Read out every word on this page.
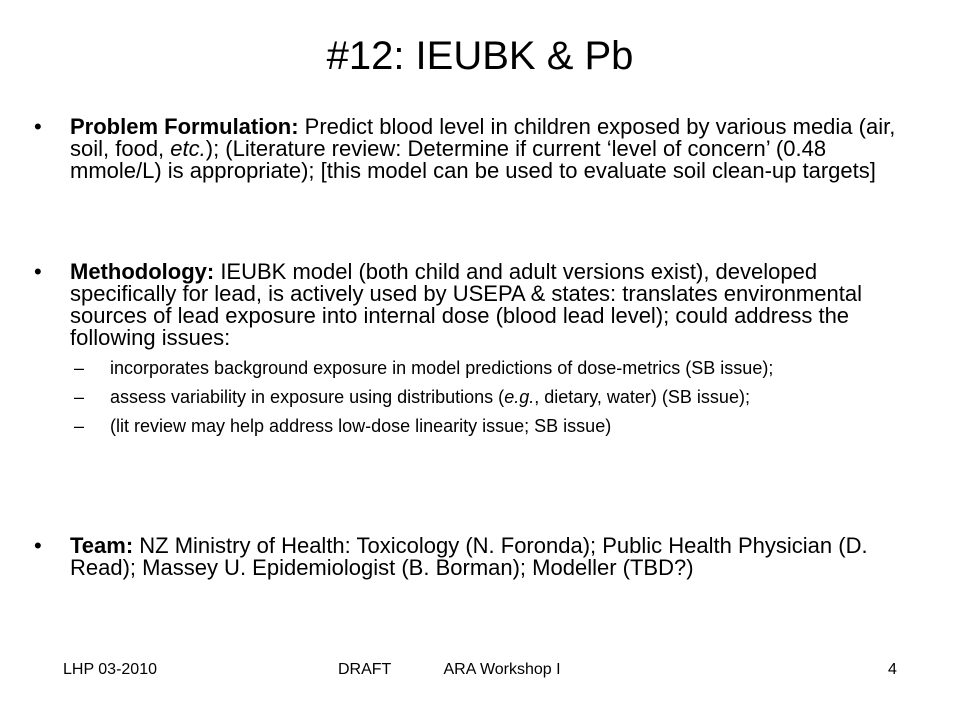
#12: IEUBK & Pb
• Problem Formulation: Predict blood level in children exposed by various media (air, soil, food, etc.); (Literature review: Determine if current ‘level of concern’ (0.48 mmole/L) is appropriate); [this model can be used to evaluate soil clean-up targets]
• Methodology: IEUBK model (both child and adult versions exist), developed specifically for lead, is actively used by USEPA & states: translates environmental sources of lead exposure into internal dose (blood lead level); could address the following issues:
– incorporates background exposure in model predictions of dose-metrics (SB issue);
– assess variability in exposure using distributions (e.g., dietary, water) (SB issue);
– (lit review may help address low-dose linearity issue; SB issue)
• Team: NZ Ministry of Health: Toxicology (N. Foronda); Public Health Physician (D. Read); Massey U. Epidemiologist (B. Borman); Modeller (TBD?)
LHP 03-2010	DRAFT            ARA Workshop I	4
